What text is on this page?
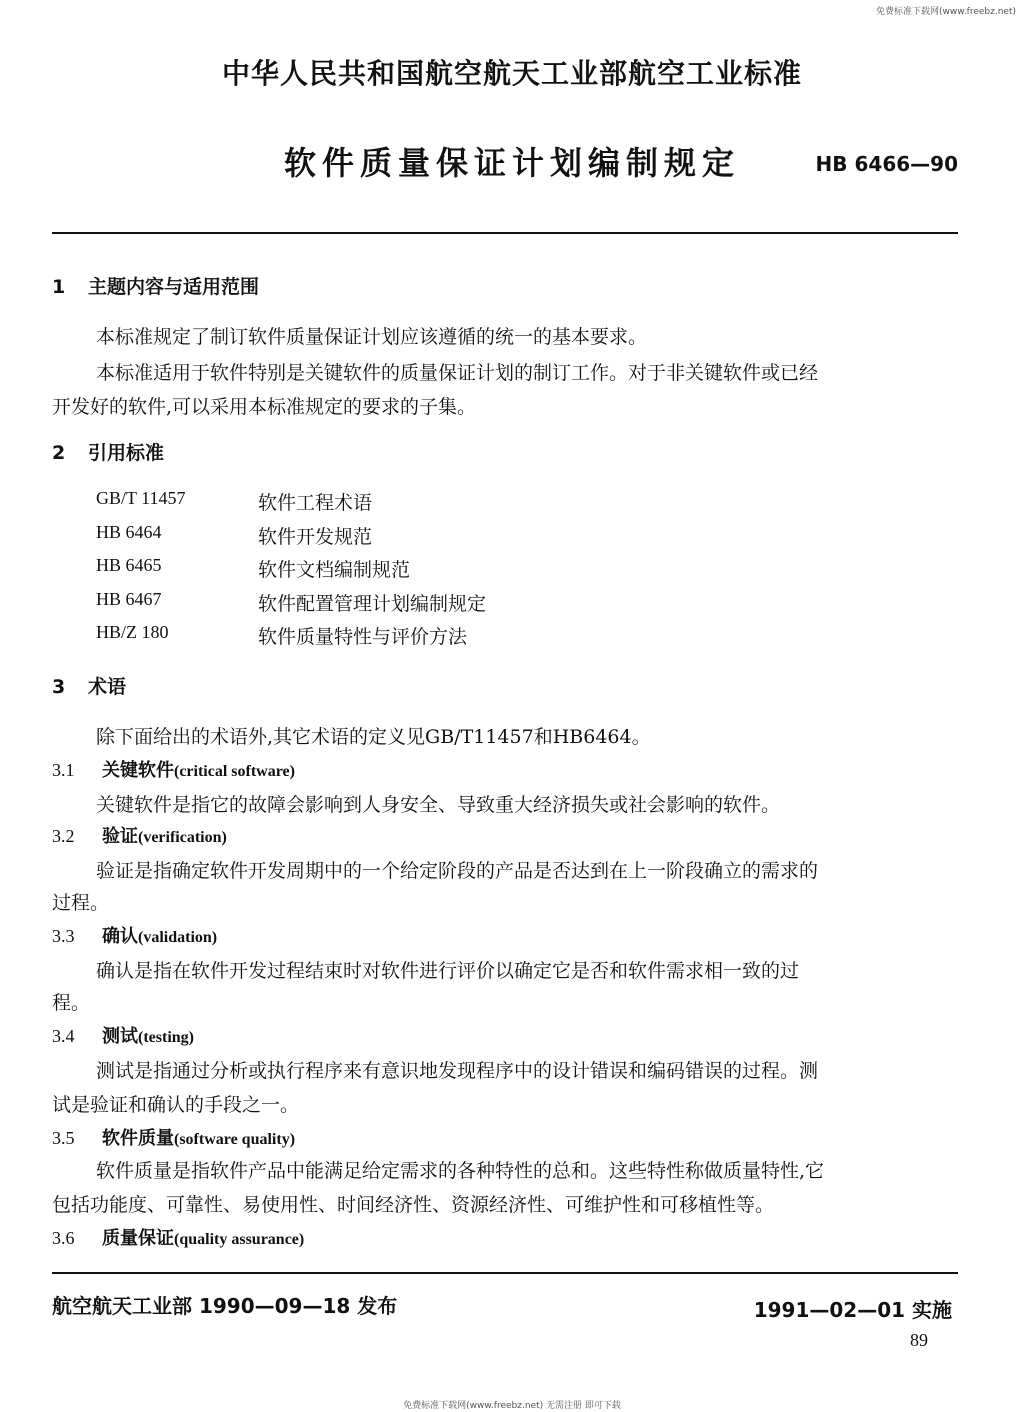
免费标准下载网(www.freebz.net)
中华人民共和国航空航天工业部航空工业标准
软件质量保证计划编制规定	HB 6466—90
1 主题内容与适用范围
本标准规定了制订软件质量保证计划应该遵循的统一的基本要求。
本标准适用于软件特别是关键软件的质量保证计划的制订工作。对于非关键软件或已经
开发好的软件,可以采用本标准规定的要求的子集。
2 引用标准
GB/T 11457	软件工程术语
HB 6464	软件开发规范
HB 6465	软件文档编制规范
HB 6467	软件配置管理计划编制规定
HB/Z 180	软件质量特性与评价方法
3 术语
除下面给出的术语外,其它术语的定义见GB/T11457和HB6464。
3.1 关键软件(critical software)
关键软件是指它的故障会影响到人身安全、导致重大经济损失或社会影响的软件。
3.2 验证(verification)
验证是指确定软件开发周期中的一个给定阶段的产品是否达到在上一阶段确立的需求的
过程。
3.3 确认(validation)
确认是指在软件开发过程结束时对软件进行评价以确定它是否和软件需求相一致的过
程。
3.4 测试(testing)
测试是指通过分析或执行程序来有意识地发现程序中的设计错误和编码错误的过程。测
试是验证和确认的手段之一。
3.5 软件质量(software quality)
软件质量是指软件产品中能满足给定需求的各种特性的总和。这些特性称做质量特性,它
包括功能度、可靠性、易使用性、时间经济性、资源经济性、可维护性和可移植性等。
3.6 质量保证(quality assurance)
航空航天工业部 1990—09—18 发布	1991—02—01 实施
89
免费标准下载网(www.freebz.net) 无需注册 即可下载
